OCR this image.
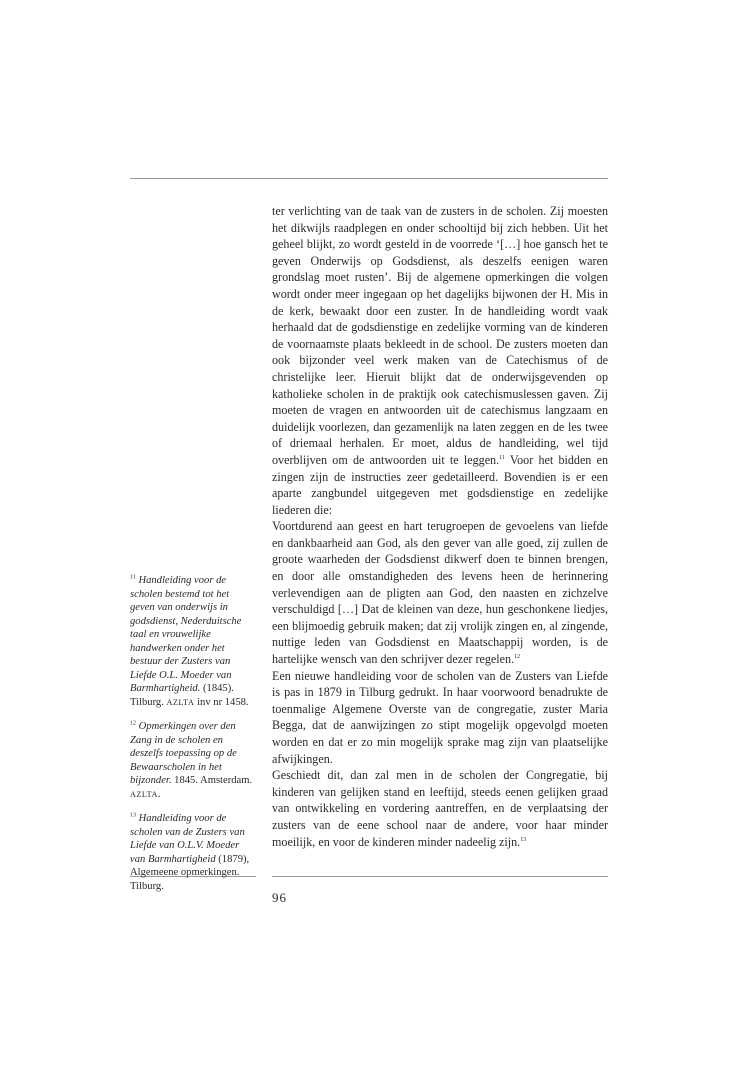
ter verlichting van de taak van de zusters in de scholen. Zij moesten het dikwijls raadplegen en onder schooltijd bij zich hebben. Uit het geheel blijkt, zo wordt gesteld in de voorrede ‘[…] hoe gansch het te geven Onderwijs op Godsdienst, als deszelfs eenigen waren grondslag moet rusten’. Bij de algemene opmerkingen die volgen wordt onder meer ingegaan op het dagelijks bijwonen der H. Mis in de kerk, bewaakt door een zuster. In de handleiding wordt vaak herhaald dat de godsdienstige en zedelijke vorming van de kinderen de voornaamste plaats bekleedt in de school. De zusters moeten dan ook bijzonder veel werk maken van de Catechismus of de christelijke leer. Hieruit blijkt dat de onderwijsgevenden op katholieke scholen in de praktijk ook catechismuslessen gaven. Zij moeten de vragen en antwoorden uit de catechismus langzaam en duidelijk voorlezen, dan gezamenlijk na laten zeggen en de les twee of driemaal herhalen. Er moet, aldus de handleiding, wel tijd overblijven om de antwoorden uit te leggen.$^{11}$ Voor het bidden en zingen zijn de instructies zeer gedetailleerd. Bovendien is er een aparte zangbundel uitgegeven met godsdienstige en zedelijke liederen die:

Voortdurend aan geest en hart terugroepen de gevoelens van liefde en dankbaarheid aan God, als den gever van alle goed, zij zullen de groote waarheden der Godsdienst dikwerf doen te binnen brengen, en door alle omstandigheden des levens heen de herinnering verlevendigen aan de pligten aan God, den naasten en zichzelve verschuldigd […] Dat de kleinen van deze, hun geschonkene liedjes, een blijmoedig gebruik maken; dat zij vrolijk zingen en, al zingende, nuttige leden van Godsdienst en Maatschappij worden, is de hartelijke wensch van den schrijver dezer regelen.$^{12}$

Een nieuwe handleiding voor de scholen van de Zusters van Liefde is pas in 1879 in Tilburg gedrukt. In haar voorwoord benadrukte de toenmalige Algemene Overste van de congregatie, zuster Maria Begga, dat de aanwijzingen zo stipt mogelijk opgevolgd moeten worden en dat er zo min mogelijk sprake mag zijn van plaatselijke afwijkingen.

Geschiedt dit, dan zal men in de scholen der Congregatie, bij kinderen van gelijken stand en leeftijd, steeds eenen gelijken graad van ontwikkeling en vordering aantreffen, en de verplaatsing der zusters van de eene school naar de andere, voor haar minder moeilijk, en voor de kinderen minder nadeelig zijn.$^{13}$

$^{11}$ Handleiding voor de scholen bestemd tot het geven van onderwijs in godsdienst, Nederduitsche taal en vrouwelijke handwerken onder het bestuur der Zusters van Liefde O.L. Moeder van Barmhartigheid. (1845). Tilburg. AZLTA inv nr 1458.

$^{12}$ Opmerkingen over den Zang in de scholen en deszelfs toepassing op de Bewaarscholen in het bijzonder. 1845. Amsterdam. AZLTA.

$^{13}$ Handleiding voor de scholen van de Zusters van Liefde van O.L.V. Moeder van Barmhartigheid (1879), Algemeene opmerkingen. Tilburg.

96
